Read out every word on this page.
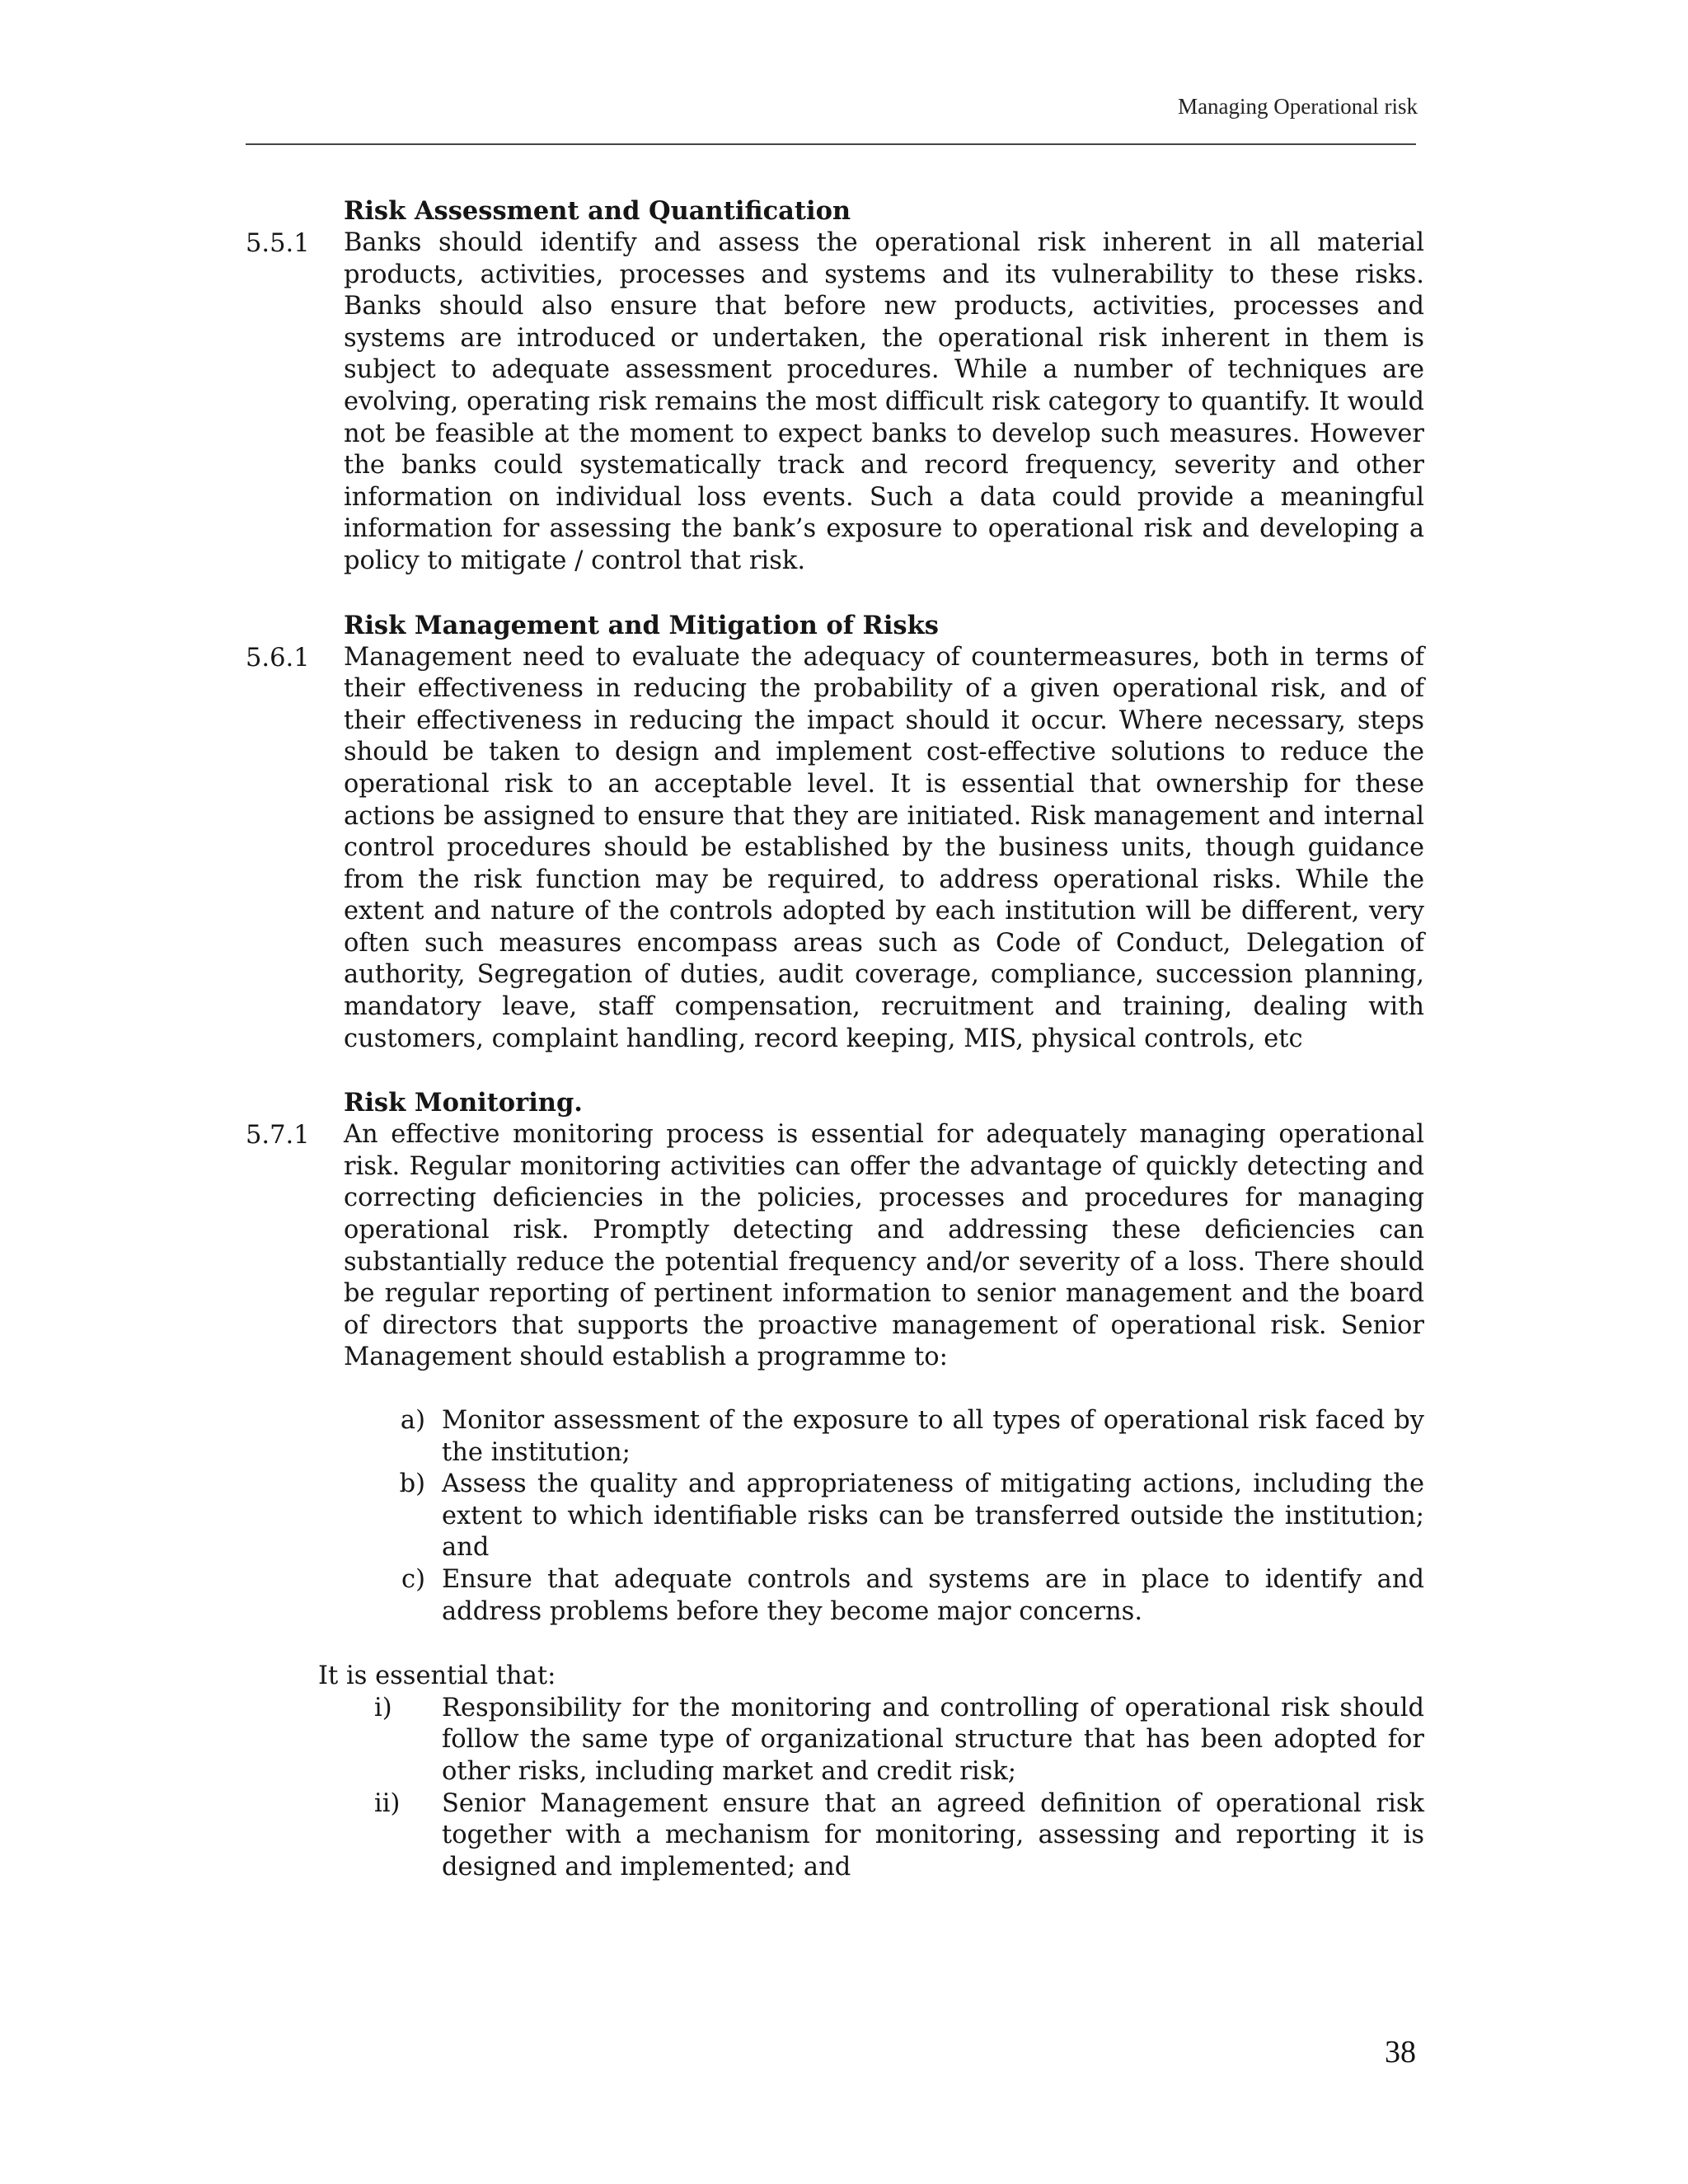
Managing Operational risk
Risk Assessment and Quantification
5.5.1 Banks should identify and assess the operational risk inherent in all material products, activities, processes and systems and its vulnerability to these risks. Banks should also ensure that before new products, activities, processes and systems are introduced or undertaken, the operational risk inherent in them is subject to adequate assessment procedures. While a number of techniques are evolving, operating risk remains the most difficult risk category to quantify. It would not be feasible at the moment to expect banks to develop such measures. However the banks could systematically track and record frequency, severity and other information on individual loss events. Such a data could provide a meaningful information for assessing the bank’s exposure to operational risk and developing a policy to mitigate / control that risk.

Risk Management and Mitigation of Risks
5.6.1 Management need to evaluate the adequacy of countermeasures, both in terms of their effectiveness in reducing the probability of a given operational risk, and of their effectiveness in reducing the impact should it occur. Where necessary, steps should be taken to design and implement cost-effective solutions to reduce the operational risk to an acceptable level. It is essential that ownership for these actions be assigned to ensure that they are initiated. Risk management and internal control procedures should be established by the business units, though guidance from the risk function may be required, to address operational risks. While the extent and nature of the controls adopted by each institution will be different, very often such measures encompass areas such as Code of Conduct, Delegation of authority, Segregation of duties, audit coverage, compliance, succession planning, mandatory leave, staff compensation, recruitment and training, dealing with customers, complaint handling, record keeping, MIS, physical controls, etc

Risk Monitoring.
5.7.1 An effective monitoring process is essential for adequately managing operational risk. Regular monitoring activities can offer the advantage of quickly detecting and correcting deficiencies in the policies, processes and procedures for managing operational risk. Promptly detecting and addressing these deficiencies can substantially reduce the potential frequency and/or severity of a loss. There should be regular reporting of pertinent information to senior management and the board of directors that supports the proactive management of operational risk. Senior Management should establish a programme to:

a) Monitor assessment of the exposure to all types of operational risk faced by the institution;
b) Assess the quality and appropriateness of mitigating actions, including the extent to which identifiable risks can be transferred outside the institution; and
c) Ensure that adequate controls and systems are in place to identify and address problems before they become major concerns.
It is essential that:
i)	Responsibility for the monitoring and controlling of operational risk should follow the same type of organizational structure that has been adopted for other risks, including market and credit risk;
ii)	Senior Management ensure that an agreed definition of operational risk together with a mechanism for monitoring, assessing and reporting it is designed and implemented; and
38
